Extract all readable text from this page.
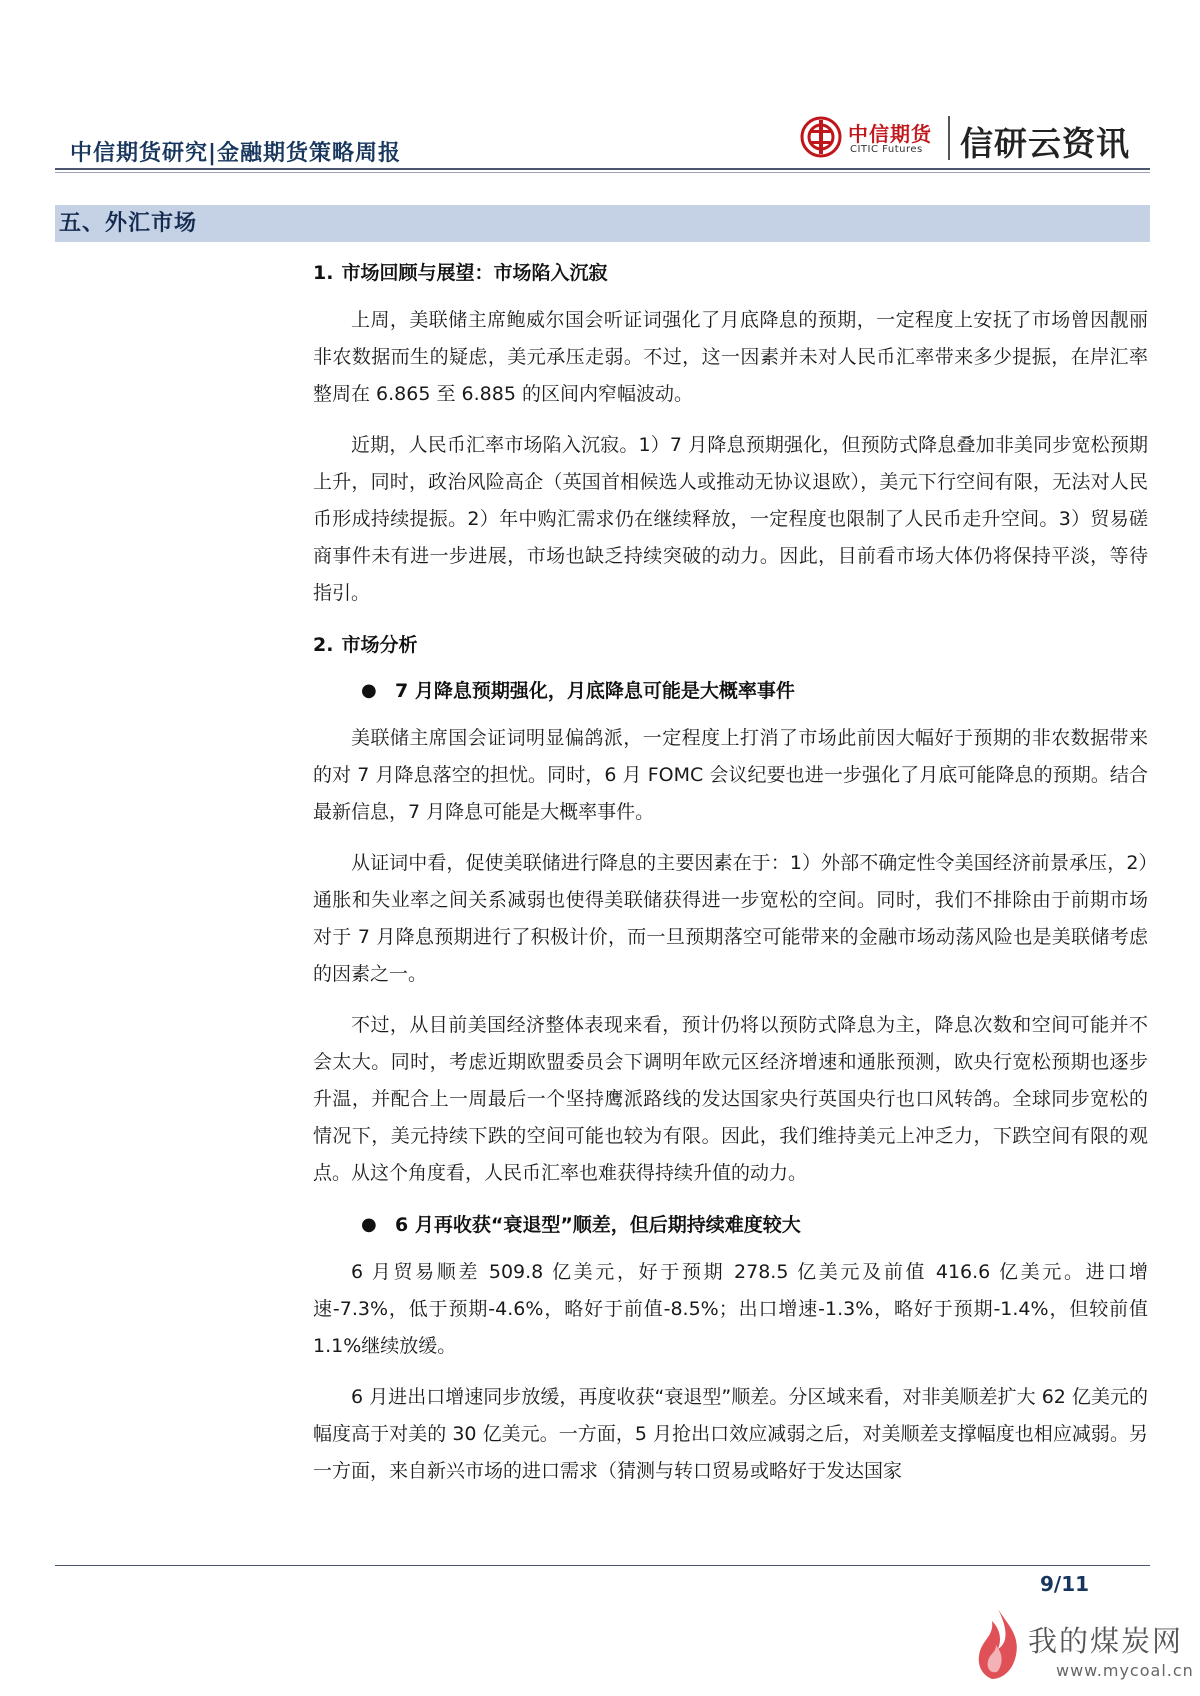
中信期货研究|金融期货策略周报
中信期货
CITIC Futures 信研云资讯
五、外汇市场

1. 市场回顾与展望：市场陷入沉寂

上周，美联储主席鲍威尔国会听证词强化了月底降息的预期，一定程度上安抚了市场曾因靓丽非农数据而生的疑虑，美元承压走弱。不过，这一因素并未对人民币汇率带来多少提振，在岸汇率整周在 6.865 至 6.885 的区间内窄幅波动。

近期，人民币汇率市场陷入沉寂。1）7 月降息预期强化，但预防式降息叠加非美同步宽松预期上升，同时，政治风险高企（英国首相候选人或推动无协议退欧），美元下行空间有限，无法对人民币形成持续提振。2）年中购汇需求仍在继续释放，一定程度也限制了人民币走升空间。3）贸易磋商事件未有进一步进展，市场也缺乏持续突破的动力。因此，目前看市场大体仍将保持平淡，等待指引。

2. 市场分析

● 7 月降息预期强化，月底降息可能是大概率事件

美联储主席国会证词明显偏鸽派，一定程度上打消了市场此前因大幅好于预期的非农数据带来的对 7 月降息落空的担忧。同时，6 月 FOMC 会议纪要也进一步强化了月底可能降息的预期。结合最新信息，7 月降息可能是大概率事件。

从证词中看，促使美联储进行降息的主要因素在于：1）外部不确定性令美国经济前景承压，2）通胀和失业率之间关系减弱也使得美联储获得进一步宽松的空间。同时，我们不排除由于前期市场对于 7 月降息预期进行了积极计价，而一旦预期落空可能带来的金融市场动荡风险也是美联储考虑的因素之一。

不过，从目前美国经济整体表现来看，预计仍将以预防式降息为主，降息次数和空间可能并不会太大。同时，考虑近期欧盟委员会下调明年欧元区经济增速和通胀预测，欧央行宽松预期也逐步升温，并配合上一周最后一个坚持鹰派路线的发达国家央行英国央行也口风转鸽。全球同步宽松的情况下，美元持续下跌的空间可能也较为有限。因此，我们维持美元上冲乏力，下跌空间有限的观点。从这个角度看，人民币汇率也难获得持续升值的动力。

● 6 月再收获“衰退型”顺差，但后期持续难度较大

6 月贸易顺差 509.8 亿美元，好于预期 278.5 亿美元及前值 416.6 亿美元。进口增速-7.3%，低于预期-4.6%，略好于前值-8.5%；出口增速-1.3%，略好于预期-1.4%，但较前值 1.1%继续放缓。

6 月进出口增速同步放缓，再度收获“衰退型”顺差。分区域来看，对非美顺差扩大 62 亿美元的幅度高于对美的 30 亿美元。一方面，5 月抢出口效应减弱之后，对美顺差支撑幅度也相应减弱。另一方面，来自新兴市场的进口需求（猜测与转口贸易或略好于发达国家

9/11
我的煤炭网
www.mycoal.cn
